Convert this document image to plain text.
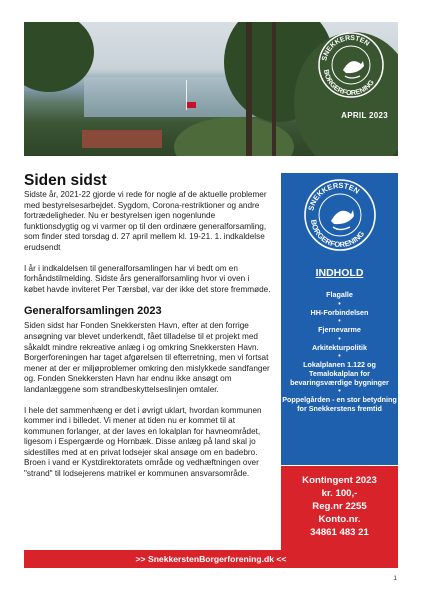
SNEKKERSTEN
BORGERFORENING
APRIL 2023
Siden sidst

Sidste år, 2021-22 gjorde vi rede for nogle af de aktuelle problemer med bestyrelsesarbejdet. Sygdom, Corona-restriktioner og andre fortrædeligheder. Nu er bestyrelsen igen nogenlunde funktionsdygtig og vi varmer op til den ordinære generalforsamling, som finder sted torsdag d. 27 april mellem kl. 19-21. 1. indkaldelse erudsendt

I år i indkaldelsen til generalforsamlingen har vi bedt om en forhåndstilmelding. Sidste års generalforsamling hvor vi oven i købet havde inviteret Per Tærsbøl, var der ikke det store fremmøde.

Generalforsamlingen 2023

Siden sidst har Fonden Snekkersten Havn, efter at den forrige ansøgning var blevet underkendt, fået tilladelse til et projekt med såkaldt mindre rekreative anlæg i og omkring Snekkersten Havn. Borgerforeningen har taget afgørelsen til efterretning, men vi fortsat mener at der er miljøproblemer omkring den mislykkede sandfanger og. Fonden Snekkersten Havn har endnu ikke ansøgt om landanlæggene som strandbeskyttelseslinjen omtaler.

I hele det sammenhæng er det i øvrigt uklart, hvordan kommunen kommer ind i billedet. Vi mener at tiden nu er kommet til at kommunen forlanger, at der laves en lokalplan for havneområdet, ligesom i Espergærde og Hornbæk. Disse anlæg på land skal jo sidestilles med at en privat lodsejer skal ansøge om en badebro. Broen i vand er Kystdirektoratets område og vedhæftningen over "strand" til lodsejerens matrikel er kommunen ansvarsområde.

SNEKKERSTEN
BORGERFORENING
INDHOLD
Flagalle
•
HH-Forbindelsen
•
Fjernevarme
•
Arkitekturpolitik
•
Lokalplanen 1.122 og Temalokalplan for bevaringsværdige bygninger
•
Poppelgården - en stor betydning for Snekkerstens fremtid
Kontingent 2023
kr. 100,-
Reg.nr 2255
Konto.nr.
34861 483 21
>> SnekkerstenBorgerforening.dk <<
1
